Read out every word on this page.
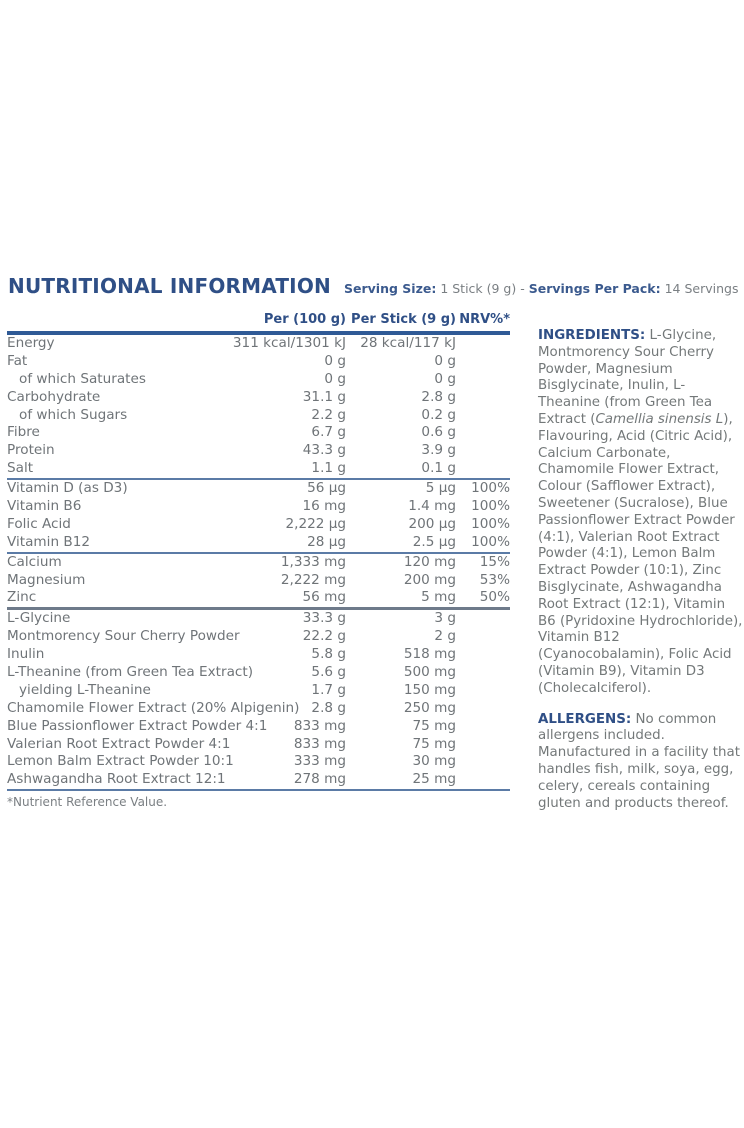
NUTRITIONAL INFORMATION Serving Size: 1 Stick (9 g) - Servings Per Pack: 14 Servings
Per (100 g) Per Stick (9 g) NRV%*
Energy	311 kcal/1301 kJ 28 kcal/117 kJ
Fat	0 g	0 g
of which Saturates	0 g	0 g
Carbohydrate	31.1 g	2.8 g
of which Sugars	2.2 g	0.2 g
Fibre	6.7 g	0.6 g
Protein	43.3 g	3.9 g
Salt	1.1 g	0.1 g
Vitamin D (as D3)	56 µg	5 µg 100%
Vitamin B6	16 mg	1.4 mg 100%
Folic Acid	2,222 µg	200 µg 100%
Vitamin B12	28 µg	2.5 µg 100%
Calcium	1,333 mg	120 mg 15%
Magnesium	2,222 mg	200 mg 53%
Zinc	56 mg	5 mg 50%
L-Glycine	33.3 g	3 g
Montmorency Sour Cherry Powder	22.2 g	2 g
Inulin	5.8 g	518 mg
L-Theanine (from Green Tea Extract)	5.6 g	500 mg
yielding L-Theanine	1.7 g	150 mg
Chamomile Flower Extract (20% Alpigenin) 2.8 g	250 mg
Blue Passionflower Extract Powder 4:1 833 mg	75 mg
Valerian Root Extract Powder 4:1	833 mg	75 mg
Lemon Balm Extract Powder 10:1	333 mg	30 mg
Ashwagandha Root Extract 12:1	278 mg	25 mg
*Nutrient Reference Value.

INGREDIENTS: L-Glycine, Montmorency Sour Cherry Powder, Magnesium Bisglycinate, Inulin, L-Theanine (from Green Tea Extract (Camellia sinensis L), Flavouring, Acid (Citric Acid), Calcium Carbonate, Chamomile Flower Extract, Colour (Safflower Extract), Sweetener (Sucralose), Blue Passionflower Extract Powder (4:1), Valerian Root Extract Powder (4:1), Lemon Balm Extract Powder (10:1), Zinc Bisglycinate, Ashwagandha Root Extract (12:1), Vitamin B6 (Pyridoxine Hydrochloride), Vitamin B12 (Cyanocobalamin), Folic Acid (Vitamin B9), Vitamin D3 (Cholecalciferol).

ALLERGENS: No common allergens included. Manufactured in a facility that handles fish, milk, soya, egg, celery, cereals containing gluten and products thereof.
